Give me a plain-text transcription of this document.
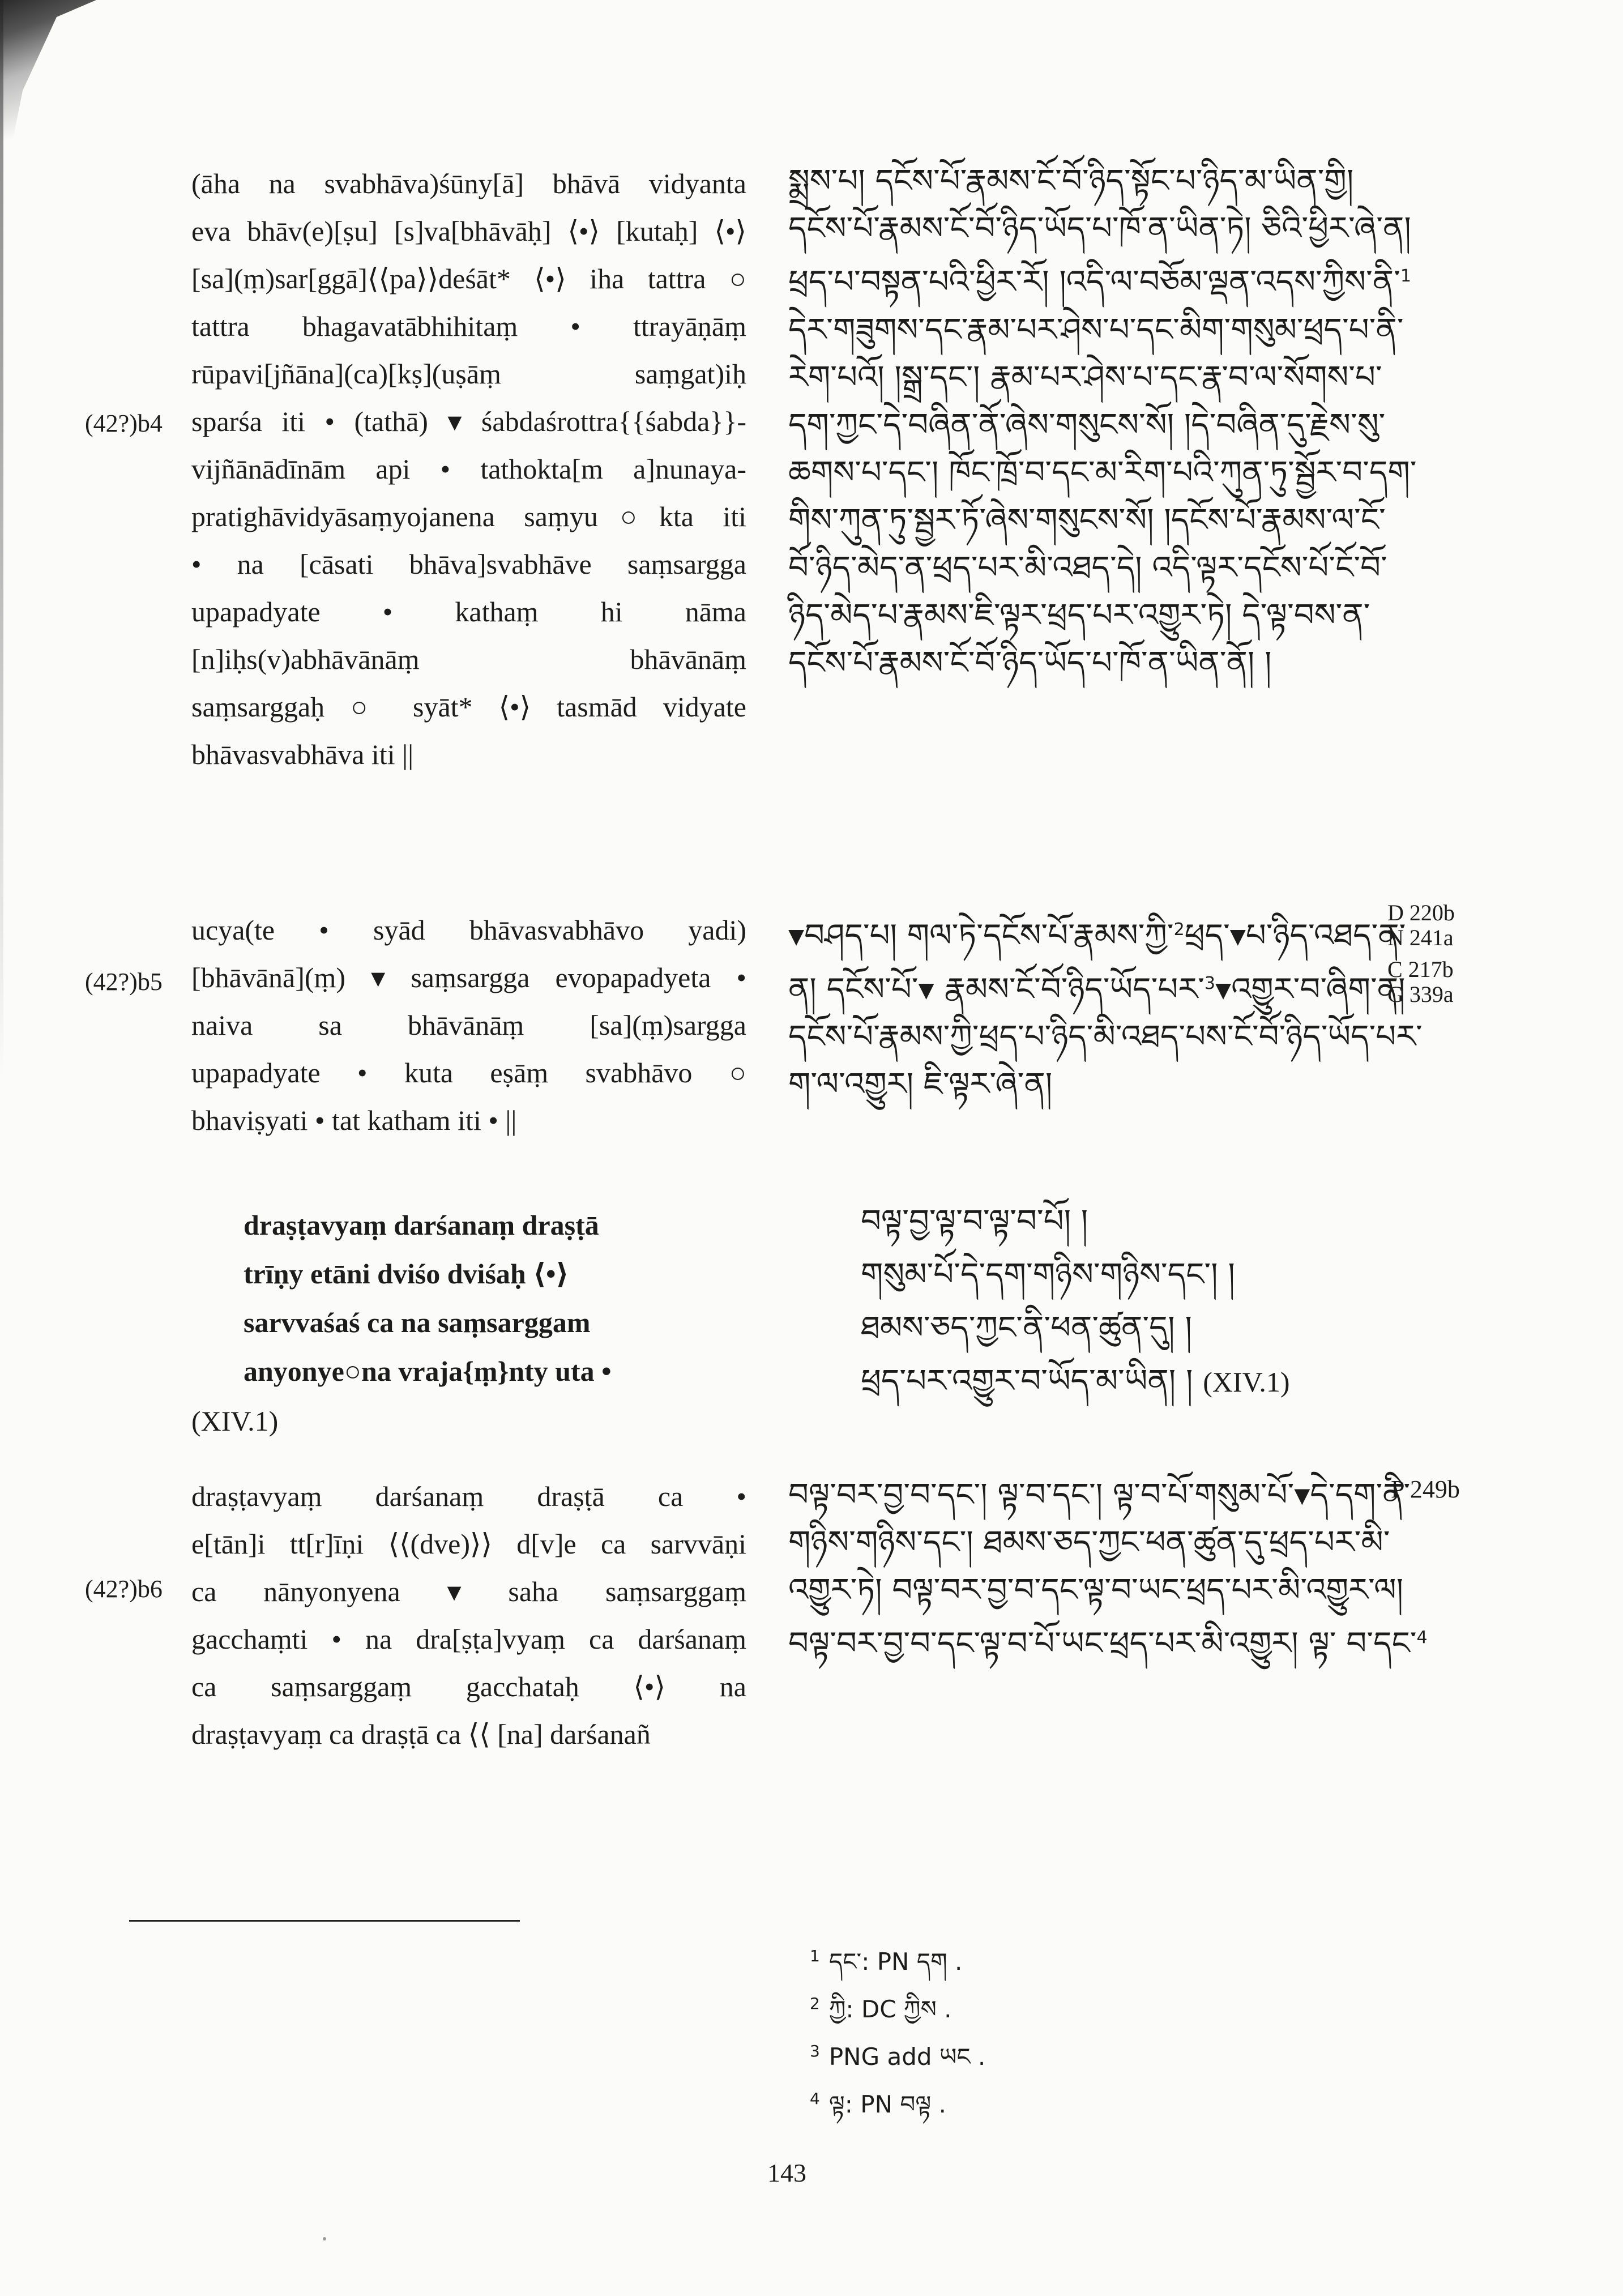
(āha na svabhāva)śūny[ā] bhāvā vidyanta
eva bhāv(e)[ṣu] [s]va[bhāvāḥ] ⟨•⟩ [kutaḥ] ⟨•⟩
[sa](ṃ)sar[ggā]⟨⟨pa⟩⟩deśāt* ⟨•⟩ iha tattra ○
tattra bhagavatābhihitaṃ • ttrayāṇāṃ
rūpavi[jñāna](ca)[kṣ](uṣāṃ saṃgat)iḥ
sparśa iti • (tathā) ▾ śabdaśrottra{{śabda}}-
vijñānādīnām api • tathokta[m a]nunaya-
pratighāvidyāsaṃyojanena saṃyu○kta iti
• na [cāsati bhāva]svabhāve saṃsargga
upapadyate • kathaṃ hi nāma
[n]iḥs(v)abhāvānāṃ bhāvānāṃ
saṃsarggaḥ ○ syāt* ⟨•⟩ tasmād vidyate
bhāvasvabhāva iti ||
(42?)b4
ucya(te • syād bhāvasvabhāvo yadi)
[bhāvānā](ṃ) ▾ saṃsargga evopapadyeta •
naiva sa bhāvānāṃ [sa](ṃ)sargga
upapadyate • kuta eṣāṃ svabhāvo ○
bhaviṣyati • tat katham iti • ||
(42?)b5
draṣṭavyaṃ darśanaṃ draṣṭā
trīṇy etāni dviśo dviśaḥ ⟨•⟩
sarvvaśaś ca na saṃsarggam
anyonye○na vraja{ṃ}nty uta •
(XIV.1)
draṣṭavyaṃ darśanaṃ draṣṭā ca •
e[tān]i tt[r]īṇi ⟨⟨(dve)⟩⟩ d[v]e ca sarvvāṇi
ca nānyonyena ▾ saha saṃsarggaṃ
gacchaṃti • na dra[ṣṭa]vyaṃ ca darśanaṃ
ca saṃsarggaṃ gacchataḥ ⟨•⟩ na
draṣṭavyaṃ ca draṣṭā ca ⟨⟨ [na] darśanañ
(42?)b6
སྨྲས་པ། དངོས་པོ་རྣམས་ངོ་བོ་ཉིད་སྟོང་པ་ཉིད་མ་ཡིན་གྱི།
དངོས་པོ་རྣམས་ངོ་བོ་ཉིད་ཡོད་པ་ཁོ་ན་ཡིན་ཏེ། ཅིའི་ཕྱིར་ཞེ་ན།
ཕྲད་པ་བསྟན་པའི་ཕྱིར་རོ། །འདི་ལ་བཅོམ་ལྡན་འདས་ཀྱིས་ནི་$^1$
དེར་གཟུགས་དང་རྣམ་པར་ཤེས་པ་དང་མིག་གསུམ་ཕྲད་པ་ནི་
རེག་པའོ། །སྒྲ་དང་། རྣམ་པར་ཤེས་པ་དང་རྣ་བ་ལ་སོགས་པ་
དག་ཀྱང་དེ་བཞིན་ནོ་ཞེས་གསུངས་སོ། །དེ་བཞིན་དུ་རྗེས་སུ་
ཆགས་པ་དང་། ཁོང་ཁྲོ་བ་དང་མ་རིག་པའི་ཀུན་ཏུ་སྦྱོར་བ་དག་
གིས་ཀུན་ཏུ་སྦྱར་ཏོ་ཞེས་གསུངས་སོ། །དངོས་པོ་རྣམས་ལ་ངོ་
བོ་ཉིད་མེད་ན་ཕྲད་པར་མི་འཐད་དེ། འདི་ལྟར་དངོས་པོ་ངོ་བོ་
ཉིད་མེད་པ་རྣམས་ཇི་ལྟར་ཕྲད་པར་འགྱུར་ཏེ། དེ་ལྟ་བས་ན་
དངོས་པོ་རྣམས་ངོ་བོ་ཉིད་ཡོད་པ་ཁོ་ན་ཡིན་ནོ། །
▾བཤད་པ། གལ་ཏེ་དངོས་པོ་རྣམས་ཀྱི་$^2$ཕྲད་▾པ་ཉིད་འཐད་ན་
ན། དངོས་པོ་▾ རྣམས་ངོ་བོ་ཉིད་ཡོད་པར་$^3$▾འགྱུར་བ་ཞིག་ན།
དངོས་པོ་རྣམས་ཀྱི་ཕྲད་པ་ཉིད་མི་འཐད་པས་ངོ་བོ་ཉིད་ཡོད་པར་
ག་ལ་འགྱུར། ཇི་ལྟར་ཞེ་ན།
D 220b
N 241a
C 217b
G 339a
བལྟ་བྱ་ལྟ་བ་ལྟ་བ་པོ། །
གསུམ་པོ་དེ་དག་གཉིས་གཉིས་དང་། །
ཐམས་ཅད་ཀྱང་ནི་ཕན་ཚུན་དུ། །
ཕྲད་པར་འགྱུར་བ་ཡོད་མ་ཡིན། ། (XIV.1)
བལྟ་བར་བྱ་བ་དང་། ལྟ་བ་དང་། ལྟ་བ་པོ་གསུམ་པོ་▾དེ་དག་ནི་
གཉིས་གཉིས་དང་། ཐམས་ཅད་ཀྱང་ཕན་ཚུན་དུ་ཕྲད་པར་མི་
འགྱུར་ཏེ། བལྟ་བར་བྱ་བ་དང་ལྟ་བ་ཡང་ཕྲད་པར་མི་འགྱུར་ལ།
བལྟ་བར་བྱ་བ་དང་ལྟ་བ་པོ་ཡང་ཕྲད་པར་མི་འགྱུར། ལྟ་ བ་དང་$^4$
P 249b
$^1$ དང་: PN དག .
$^2$ ཀྱི: DC ཀྱིས .
$^3$ PNG add ཡང .
$^4$ ལྟ: PN བལྟ .
143
